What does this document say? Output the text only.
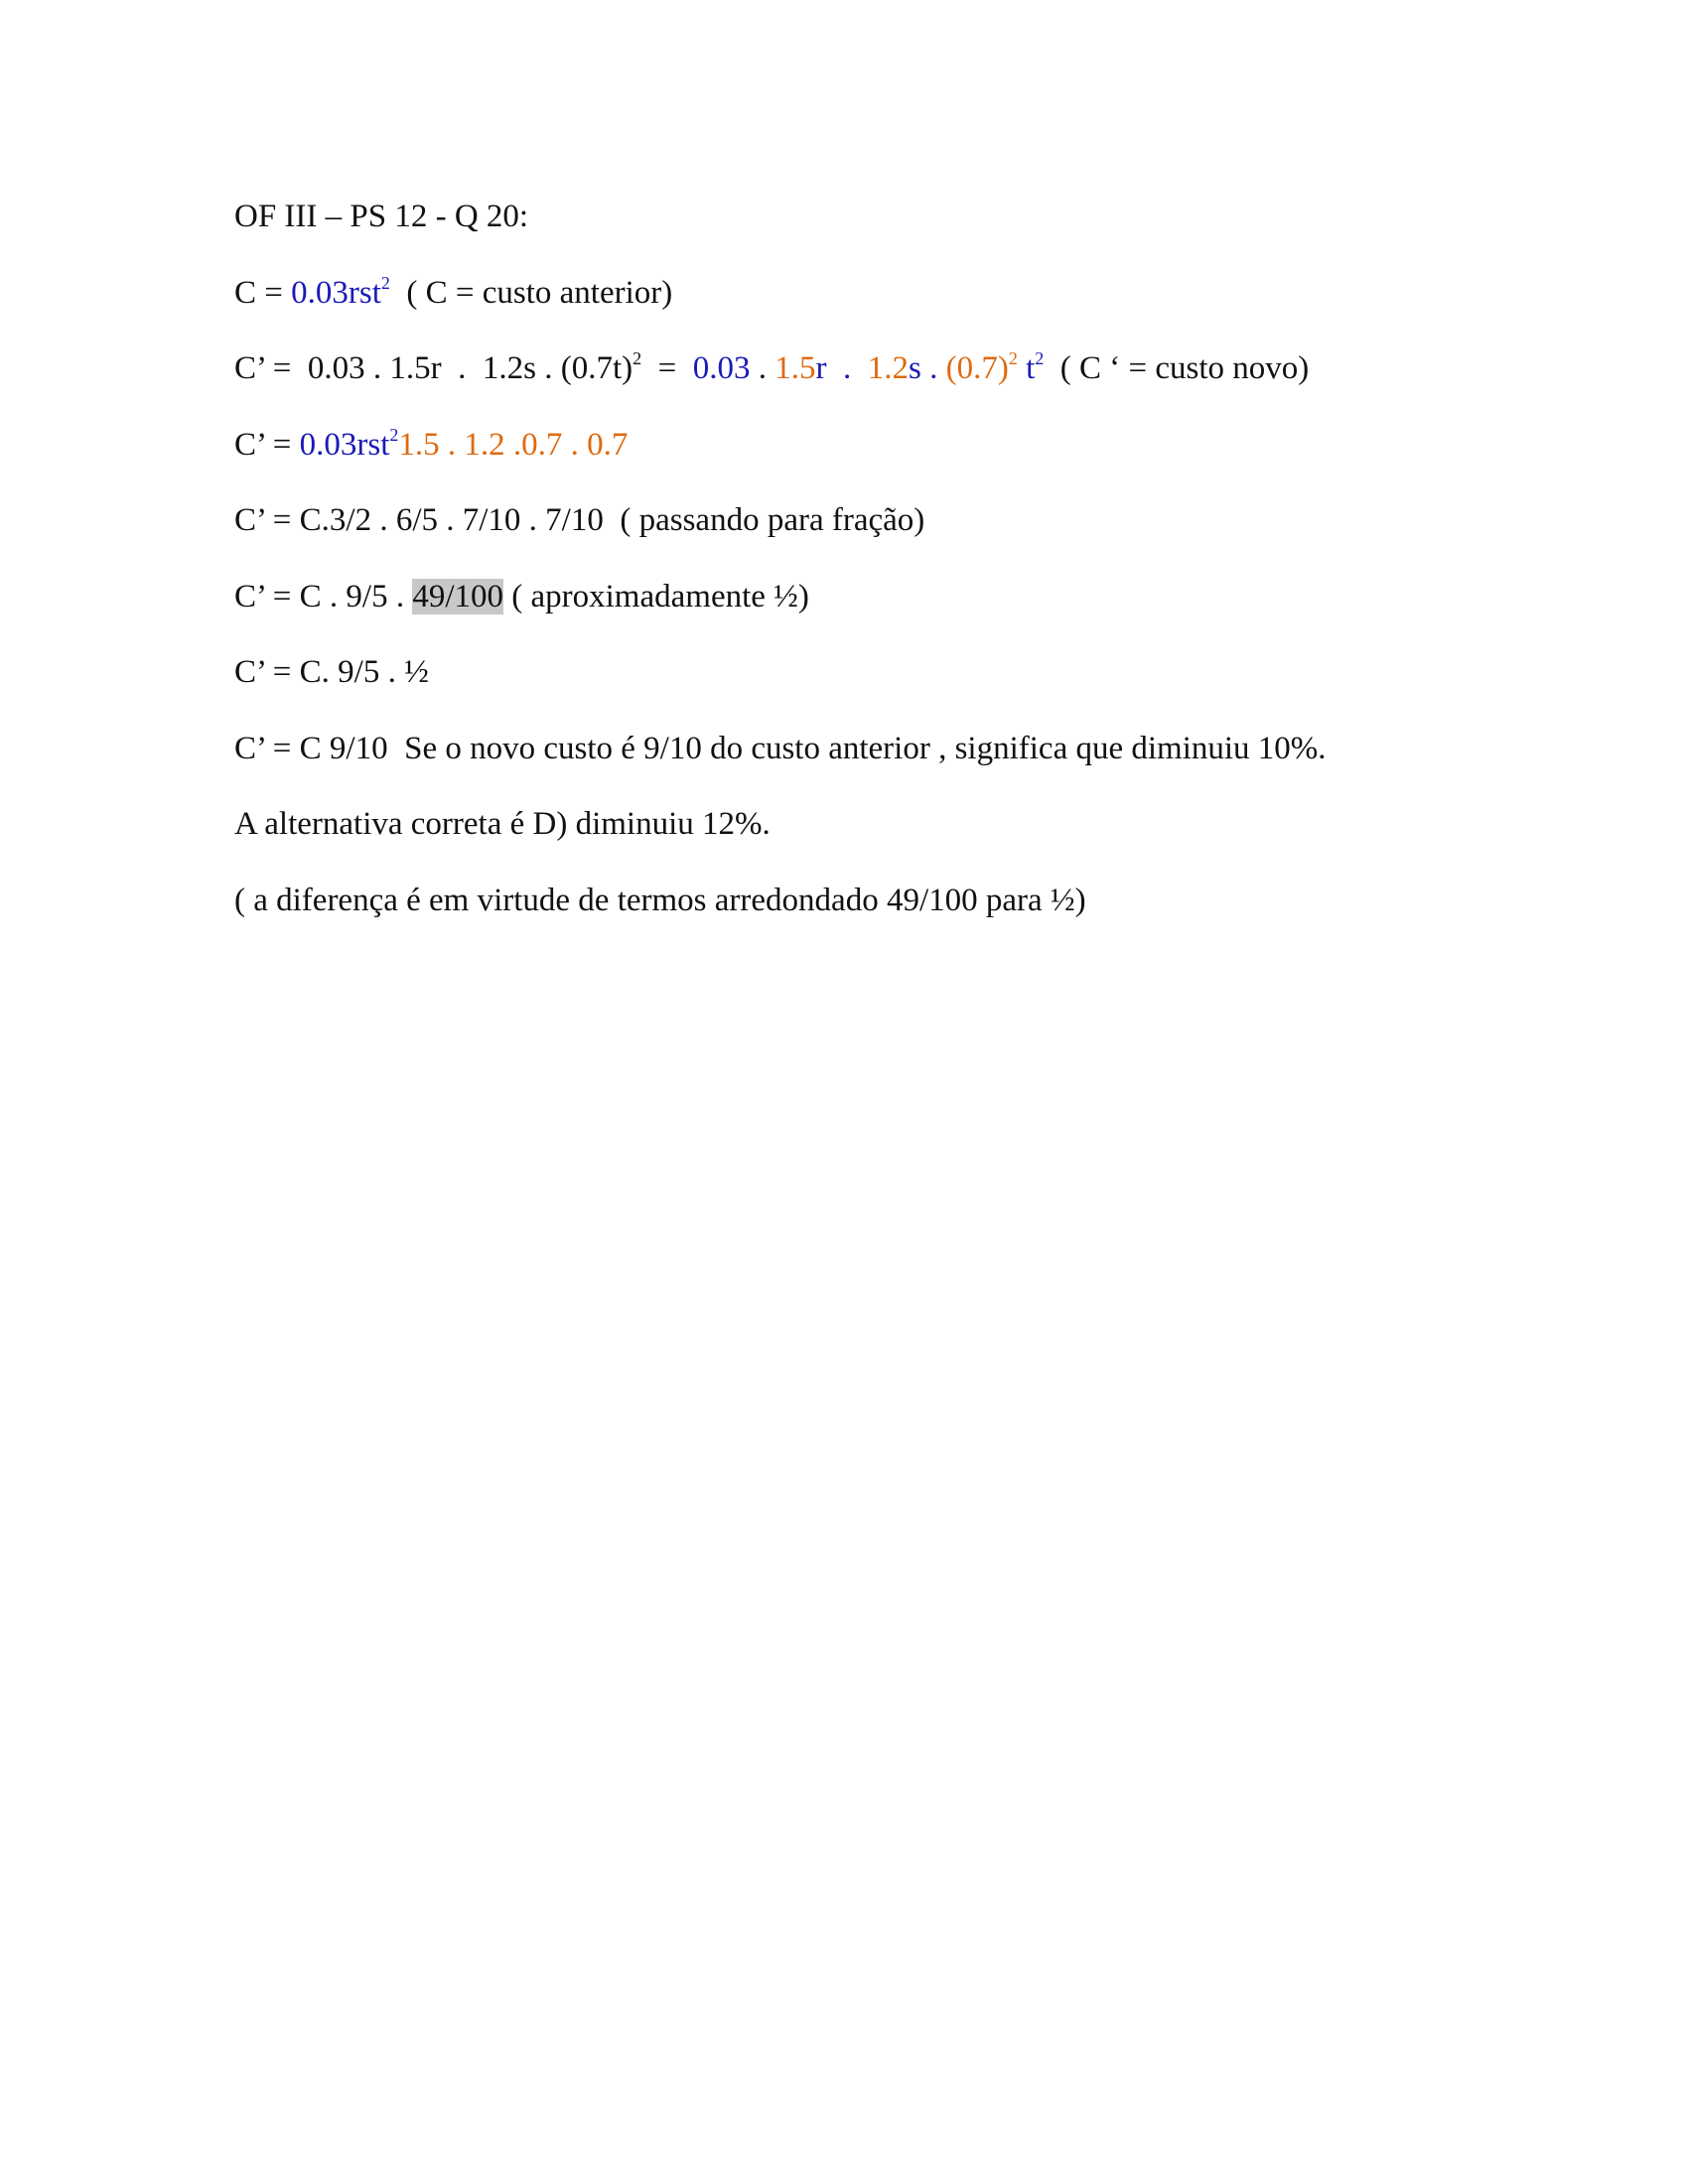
OF III – PS 12 - Q 20:
C = 0.03rst$^2$  ( C = custo anterior)
C’ =  0.03 . 1.5r  .  1.2s . $(0.7t)^2 = 0.03$ . 1.5r  .  1.2s . $(0.7)^2$ $t^2$  ( C ‘ = custo novo)
C’ = 0.03rst$^2$1.5 . 1.2 .0.7 . 0.7
C’ = C.3/2 . 6/5 . 7/10 . 7/10  ( passando para fração)
C’ = C . 9/5 . 49/100 ( aproximadamente ½)
C’ = C. 9/5 . ½
C’ = C 9/10  Se o novo custo é 9/10 do custo anterior , significa que diminuiu 10%.
A alternativa correta é D) diminuiu 12%.
( a diferença é em virtude de termos arredondado 49/100 para ½)
